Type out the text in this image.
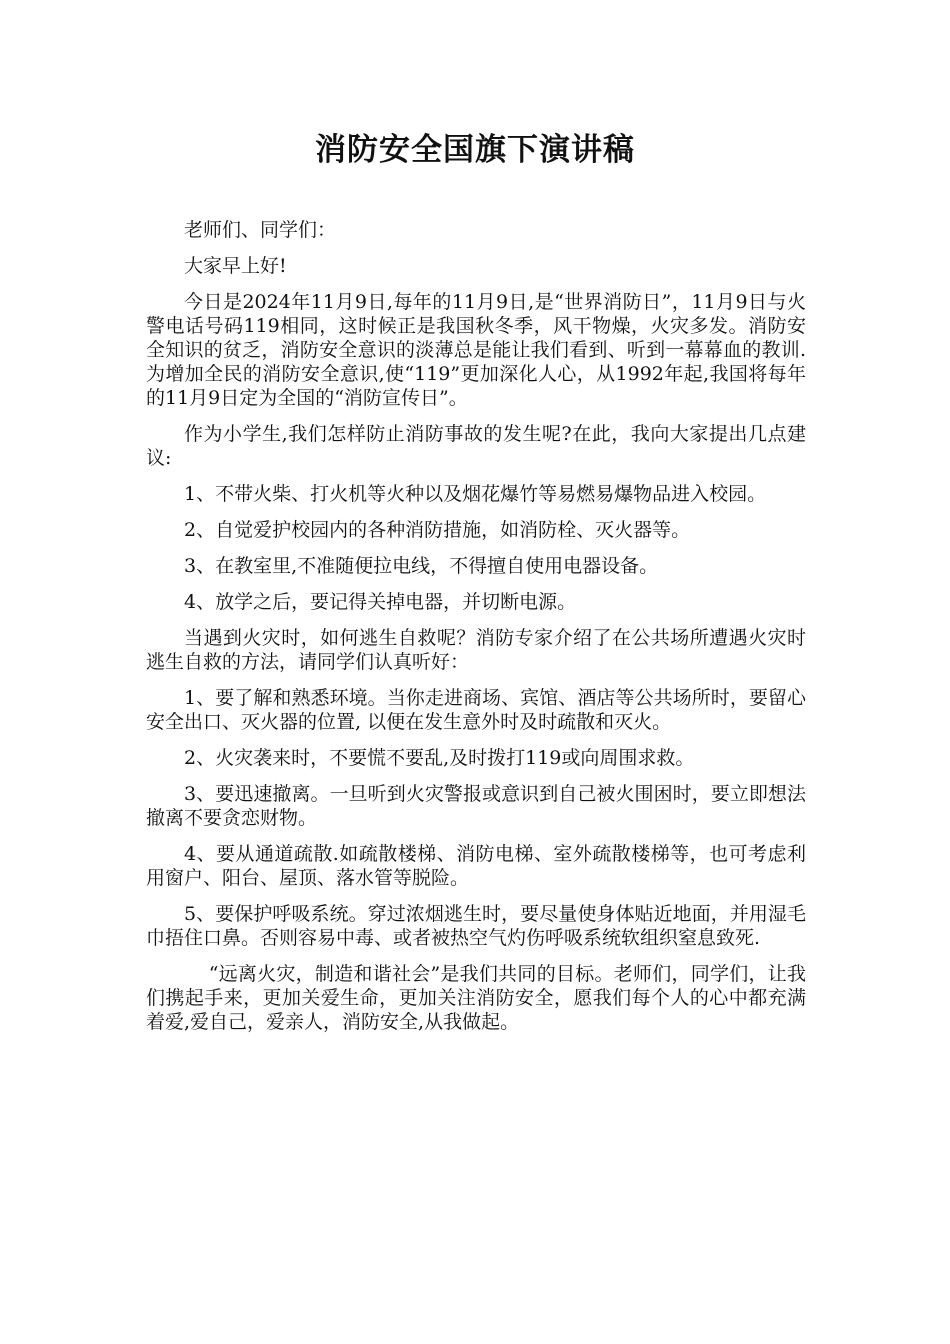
消防安全国旗下演讲稿

老师们、同学们：

大家早上好!

今日是2024年11月9日,每年的11月9日,是“世界消防日”，11月9日与火警电话号码119相同，这时候正是我国秋冬季，风干物燥，火灾多发。消防安全知识的贫乏，消防安全意识的淡薄总是能让我们看到、听到一幕幕血的教训.为增加全民的消防安全意识,使“119”更加深化人心，从1992年起,我国将每年的11月9日定为全国的“消防宣传日”。

作为小学生,我们怎样防止消防事故的发生呢?在此，我向大家提出几点建议:

1、不带火柴、打火机等火种以及烟花爆竹等易燃易爆物品进入校园。

2、自觉爱护校园内的各种消防措施，如消防栓、灭火器等。

3、在教室里,不准随便拉电线，不得擅自使用电器设备。

4、放学之后，要记得关掉电器，并切断电源。

当遇到火灾时，如何逃生自救呢？消防专家介绍了在公共场所遭遇火灾时逃生自救的方法，请同学们认真听好：

1、要了解和熟悉环境。当你走进商场、宾馆、酒店等公共场所时，要留心安全出口、灭火器的位置, 以便在发生意外时及时疏散和灭火。

2、火灾袭来时，不要慌不要乱,及时拨打119或向周围求救。

3、要迅速撤离。一旦听到火灾警报或意识到自己被火围困时，要立即想法撤离不要贪恋财物。

4、要从通道疏散.如疏散楼梯、消防电梯、室外疏散楼梯等，也可考虑利用窗户、阳台、屋顶、落水管等脱险。

5、要保护呼吸系统。穿过浓烟逃生时，要尽量使身体贴近地面，并用湿毛巾捂住口鼻。否则容易中毒、或者被热空气灼伤呼吸系统软组织窒息致死.

“远离火灾，制造和谐社会”是我们共同的目标。老师们，同学们，让我们携起手来，更加关爱生命，更加关注消防安全，愿我们每个人的心中都充满着爱,爱自己，爱亲人，消防安全,从我做起。
